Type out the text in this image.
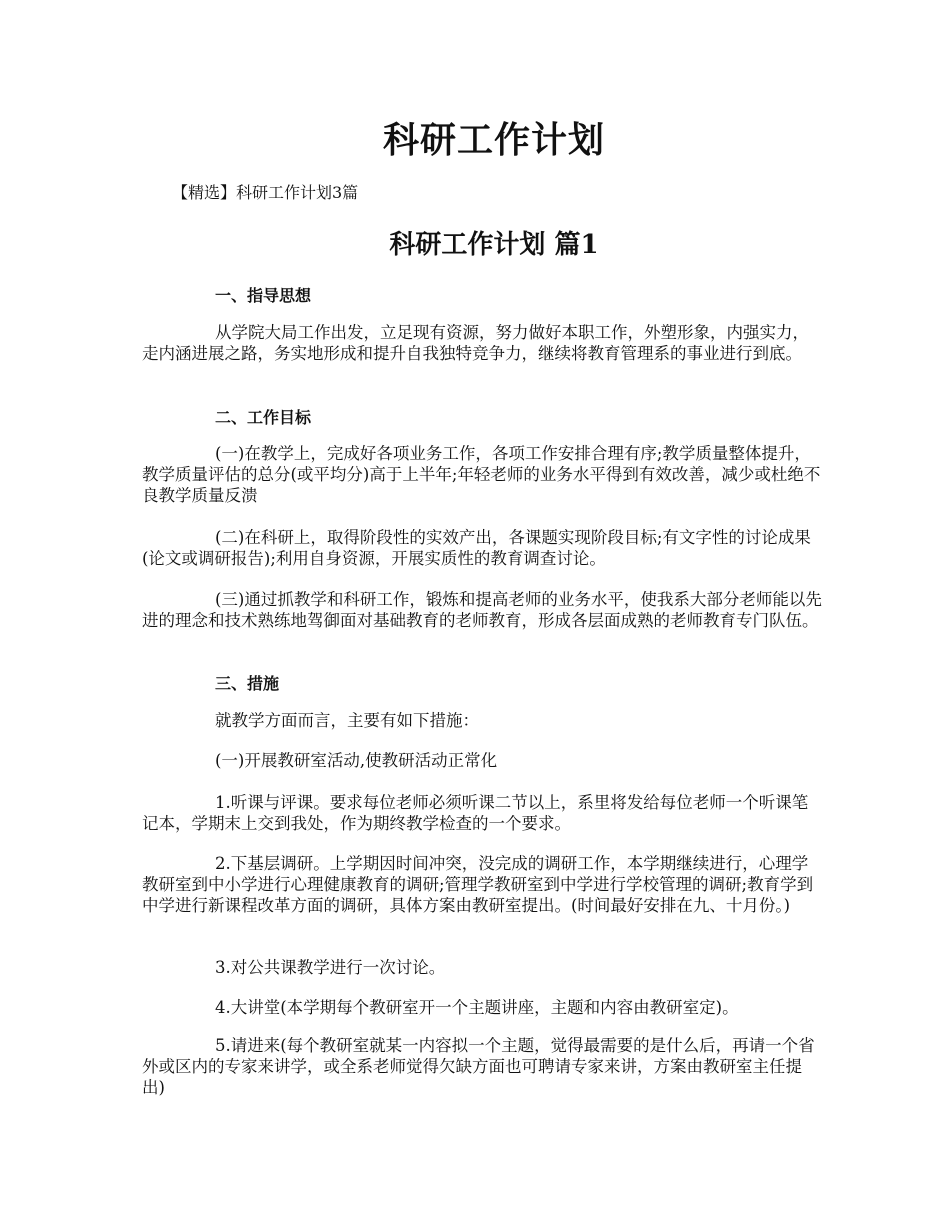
科研工作计划

【精选】科研工作计划3篇

科研工作计划 篇1
一、指导思想

从学院大局工作出发，立足现有资源，努力做好本职工作，外塑形象，内强实力，走内涵进展之路，务实地形成和提升自我独特竞争力，继续将教育管理系的事业进行到底。

二、工作目标

(一)在教学上，完成好各项业务工作，各项工作安排合理有序;教学质量整体提升，教学质量评估的总分(或平均分)高于上半年;年轻老师的业务水平得到有效改善，减少或杜绝不良教学质量反溃

(二)在科研上，取得阶段性的实效产出，各课题实现阶段目标;有文字性的讨论成果(论文或调研报告);利用自身资源，开展实质性的教育调查讨论。

(三)通过抓教学和科研工作，锻炼和提高老师的业务水平，使我系大部分老师能以先进的理念和技术熟练地驾御面对基础教育的老师教育，形成各层面成熟的老师教育专门队伍。

三、措施

就教学方面而言，主要有如下措施：

(一)开展教研室活动,使教研活动正常化

1.听课与评课。要求每位老师必须听课二节以上，系里将发给每位老师一个听课笔记本，学期末上交到我处，作为期终教学检查的一个要求。

2.下基层调研。上学期因时间冲突，没完成的调研工作，本学期继续进行，心理学教研室到中小学进行心理健康教育的调研;管理学教研室到中学进行学校管理的调研;教育学到中学进行新课程改革方面的调研，具体方案由教研室提出。(时间最好安排在九、十月份。)

3.对公共课教学进行一次讨论。

4.大讲堂(本学期每个教研室开一个主题讲座，主题和内容由教研室定)。

5.请进来(每个教研室就某一内容拟一个主题，觉得最需要的是什么后，再请一个省外或区内的专家来讲学，或全系老师觉得欠缺方面也可聘请专家来讲，方案由教研室主任提出)
